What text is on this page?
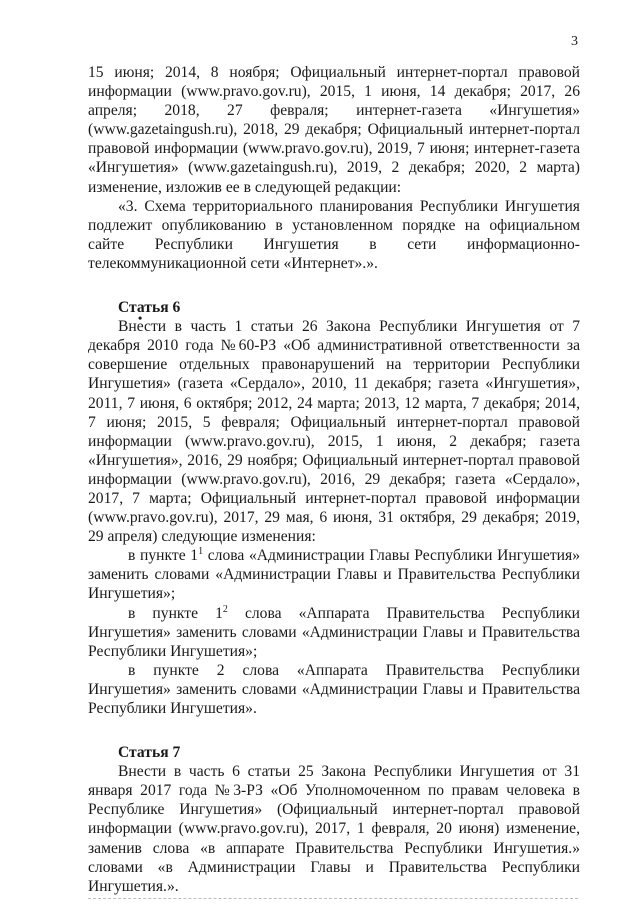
3

15 июня; 2014, 8 ноября; Официальный интернет-портал правовой информации (www.pravo.gov.ru), 2015, 1 июня, 14 декабря; 2017, 26 апреля; 2018, 27 февраля; интернет-газета «Ингушетия» (www.gazetaingush.ru), 2018, 29 декабря; Официальный интернет-портал правовой информации (www.pravo.gov.ru), 2019, 7 июня; интернет-газета «Ингушетия» (www.gazetaingush.ru), 2019, 2 декабря; 2020, 2 марта) изменение, изложив ее в следующей редакции:

«3. Схема территориального планирования Республики Ингушетия подлежит опубликованию в установленном порядке на официальном сайте Республики Ингушетия в сети информационно-телекоммуникационной сети «Интернет».».

Статья 6

Внести в часть 1 статьи 26 Закона Республики Ингушетия от 7 декабря 2010 года №60-РЗ «Об административной ответственности за совершение отдельных правонарушений на территории Республики Ингушетия» (газета «Сердало», 2010, 11 декабря; газета «Ингушетия», 2011, 7 июня, 6 октября; 2012, 24 марта; 2013, 12 марта, 7 декабря; 2014, 7 июня; 2015, 5 февраля; Официальный интернет-портал правовой информации (www.pravo.gov.ru), 2015, 1 июня, 2 декабря; газета «Ингушетия», 2016, 29 ноября; Официальный интернет-портал правовой информации (www.pravo.gov.ru), 2016, 29 декабря; газета «Сердало», 2017, 7 марта; Официальный интернет-портал правовой информации (www.pravo.gov.ru), 2017, 29 мая, 6 июня, 31 октября, 29 декабря; 2019, 29 апреля) следующие изменения:

в пункте $1^1$ слова «Администрации Главы Республики Ингушетия» заменить словами «Администрации Главы и Правительства Республики Ингушетия»;

в пункте $1^2$ слова «Аппарата Правительства Республики Ингушетия» заменить словами «Администрации Главы и Правительства Республики Ингушетия»;

в пункте 2 слова «Аппарата Правительства Республики Ингушетия» заменить словами «Администрации Главы и Правительства Республики Ингушетия».

Статья 7

Внести в часть 6 статьи 25 Закона Республики Ингушетия от 31 января 2017 года №3-РЗ «Об Уполномоченном по правам человека в Республике Ингушетия» (Официальный интернет-портал правовой информации (www.pravo.gov.ru), 2017, 1 февраля, 20 июня) изменение, заменив слова «в аппарате Правительства Республики Ингушетия.» словами «в Администрации Главы и Правительства Республики Ингушетия.».
